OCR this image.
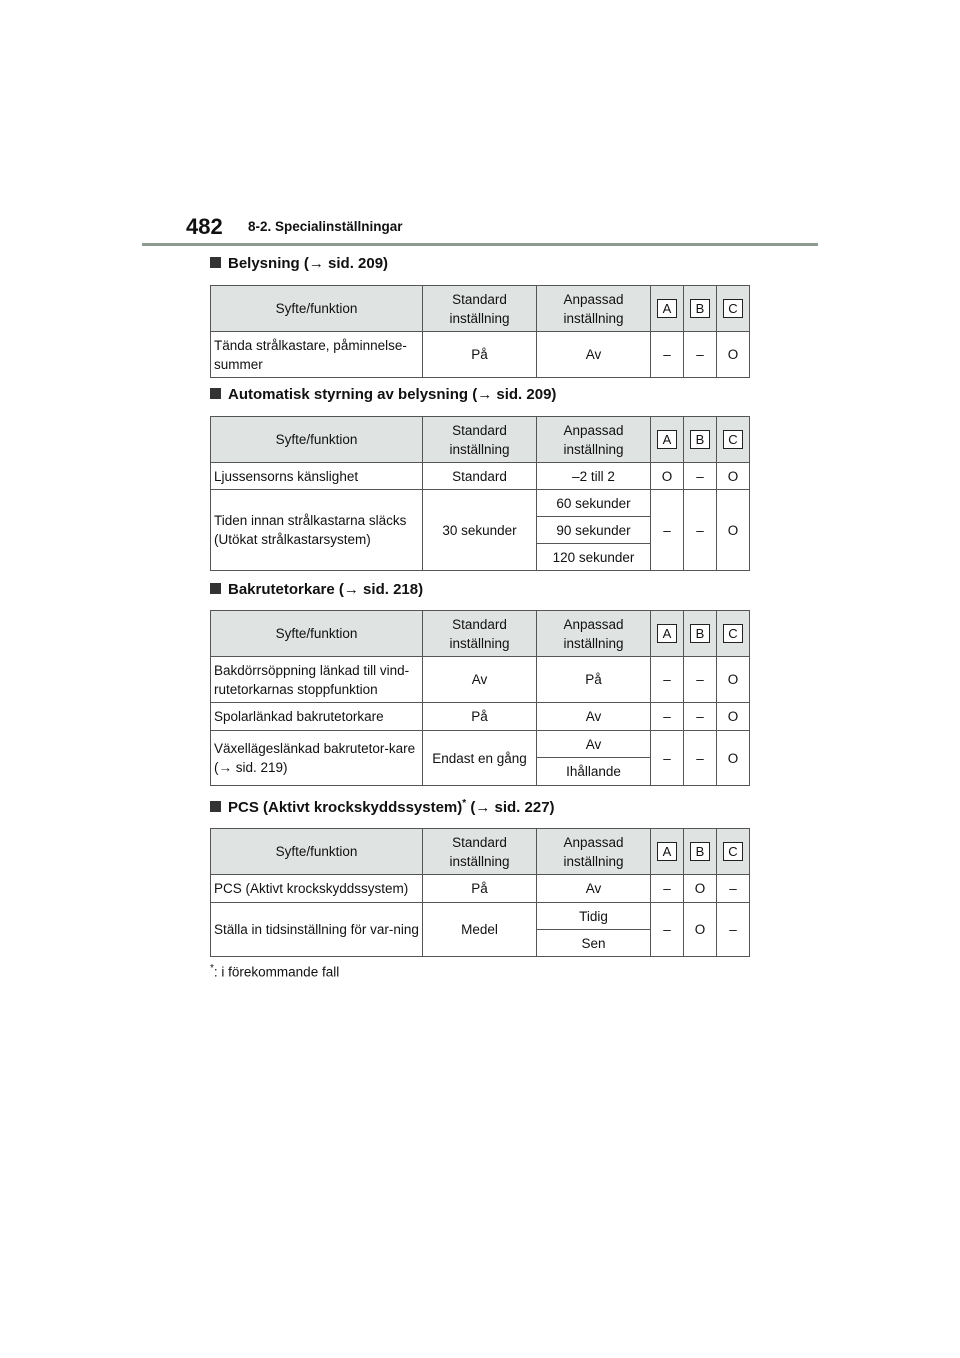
482 8-2. Specialinställningar
Belysning (→ sid. 209)
Syfte/funktion	Standard inställning	Anpassad inställning	A	B	C
Tända strålkastare, påminnelse-summer	På	Av	–	–	O
Automatisk styrning av belysning (→ sid. 209)
Syfte/funktion	Standard inställning	Anpassad inställning	A	B	C
Ljussensorns känslighet	Standard	–2 till 2	O	–	O
Tiden innan strålkastarna släcks (Utökat strålkastarsystem)	30 sekunder	60 sekunder	–	–	O
		90 sekunder			
		120 sekunder			
Bakrutetorkare (→ sid. 218)
Syfte/funktion	Standard inställning	Anpassad inställning	A	B	C
Bakdörrsöppning länkad till vind-rutetorkarnas stoppfunktion	Av	På	–	–	O
Spolarlänkad bakrutetorkare	På	Av	–	–	O
Växellägeslänkad bakrutetor-kare (→ sid. 219)	Endast en gång	Av	–	–	O
		Ihållande			
PCS (Aktivt krockskyddssystem)* (→ sid. 227)
Syfte/funktion	Standard inställning	Anpassad inställning	A	B	C
PCS (Aktivt krockskyddssystem)	På	Av	–	O	–
Ställa in tidsinställning för var-ning	Medel	Tidig	–	O	–
		Sen			
*: i förekommande fall
